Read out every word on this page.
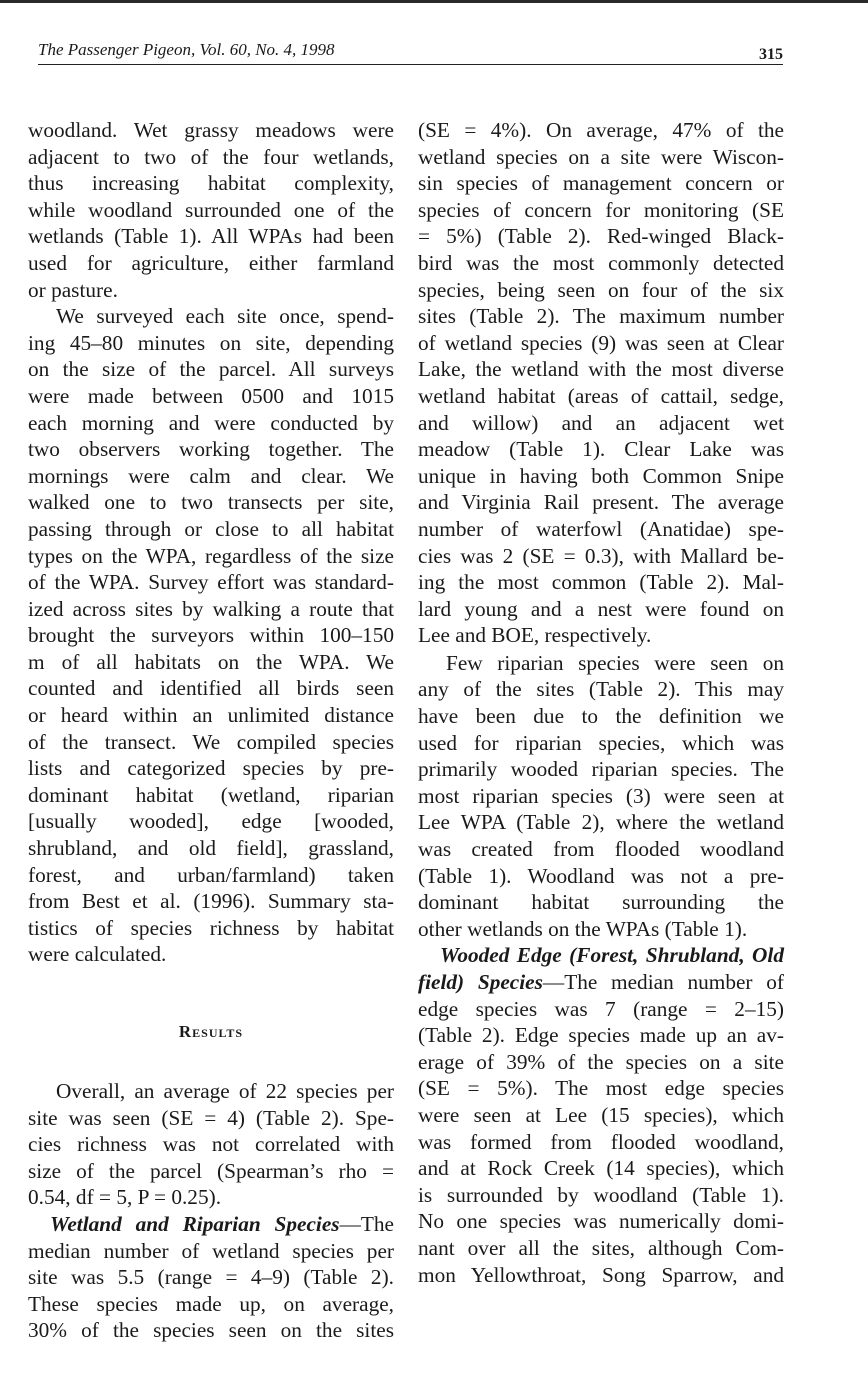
The Passenger Pigeon, Vol. 60, No. 4, 1998	315

woodland. Wet grassy meadows were
adjacent to two of the four wetlands,
thus increasing habitat complexity,
while woodland surrounded one of the
wetlands (Table 1). All WPAs had been
used for agriculture, either farmland
or pasture.

We surveyed each site once, spend-
ing 45–80 minutes on site, depending
on the size of the parcel. All surveys
were made between 0500 and 1015
each morning and were conducted by
two observers working together. The
mornings were calm and clear. We
walked one to two transects per site,
passing through or close to all habitat
types on the WPA, regardless of the size
of the WPA. Survey effort was standard-
ized across sites by walking a route that
brought the surveyors within 100–150
m of all habitats on the WPA. We
counted and identified all birds seen
or heard within an unlimited distance
of the transect. We compiled species
lists and categorized species by pre-
dominant habitat (wetland, riparian
[usually wooded], edge [wooded,
shrubland, and old field], grassland,
forest, and urban/farmland) taken
from Best et al. (1996). Summary sta-
tistics of species richness by habitat
were calculated.

Results

Overall, an average of 22 species per
site was seen (SE = 4) (Table 2). Spe-
cies richness was not correlated with
size of the parcel (Spearman’s rho =
0.54, df = 5, P = 0.25).

Wetland and Riparian Species—The
median number of wetland species per
site was 5.5 (range = 4–9) (Table 2).
These species made up, on average,
30% of the species seen on the sites

(SE = 4%). On average, 47% of the
wetland species on a site were Wiscon-
sin species of management concern or
species of concern for monitoring (SE
= 5%) (Table 2). Red-winged Black-
bird was the most commonly detected
species, being seen on four of the six
sites (Table 2). The maximum number
of wetland species (9) was seen at Clear
Lake, the wetland with the most diverse
wetland habitat (areas of cattail, sedge,
and willow) and an adjacent wet
meadow (Table 1). Clear Lake was
unique in having both Common Snipe
and Virginia Rail present. The average
number of waterfowl (Anatidae) spe-
cies was 2 (SE = 0.3), with Mallard be-
ing the most common (Table 2). Mal-
lard young and a nest were found on
Lee and BOE, respectively.

Few riparian species were seen on
any of the sites (Table 2). This may
have been due to the definition we
used for riparian species, which was
primarily wooded riparian species. The
most riparian species (3) were seen at
Lee WPA (Table 2), where the wetland
was created from flooded woodland
(Table 1). Woodland was not a pre-
dominant habitat surrounding the
other wetlands on the WPAs (Table 1).

Wooded Edge (Forest, Shrubland, Old
field) Species—The median number of
edge species was 7 (range = 2–15)
(Table 2). Edge species made up an av-
erage of 39% of the species on a site
(SE = 5%). The most edge species
were seen at Lee (15 species), which
was formed from flooded woodland,
and at Rock Creek (14 species), which
is surrounded by woodland (Table 1).
No one species was numerically domi-
nant over all the sites, although Com-
mon Yellowthroat, Song Sparrow, and
